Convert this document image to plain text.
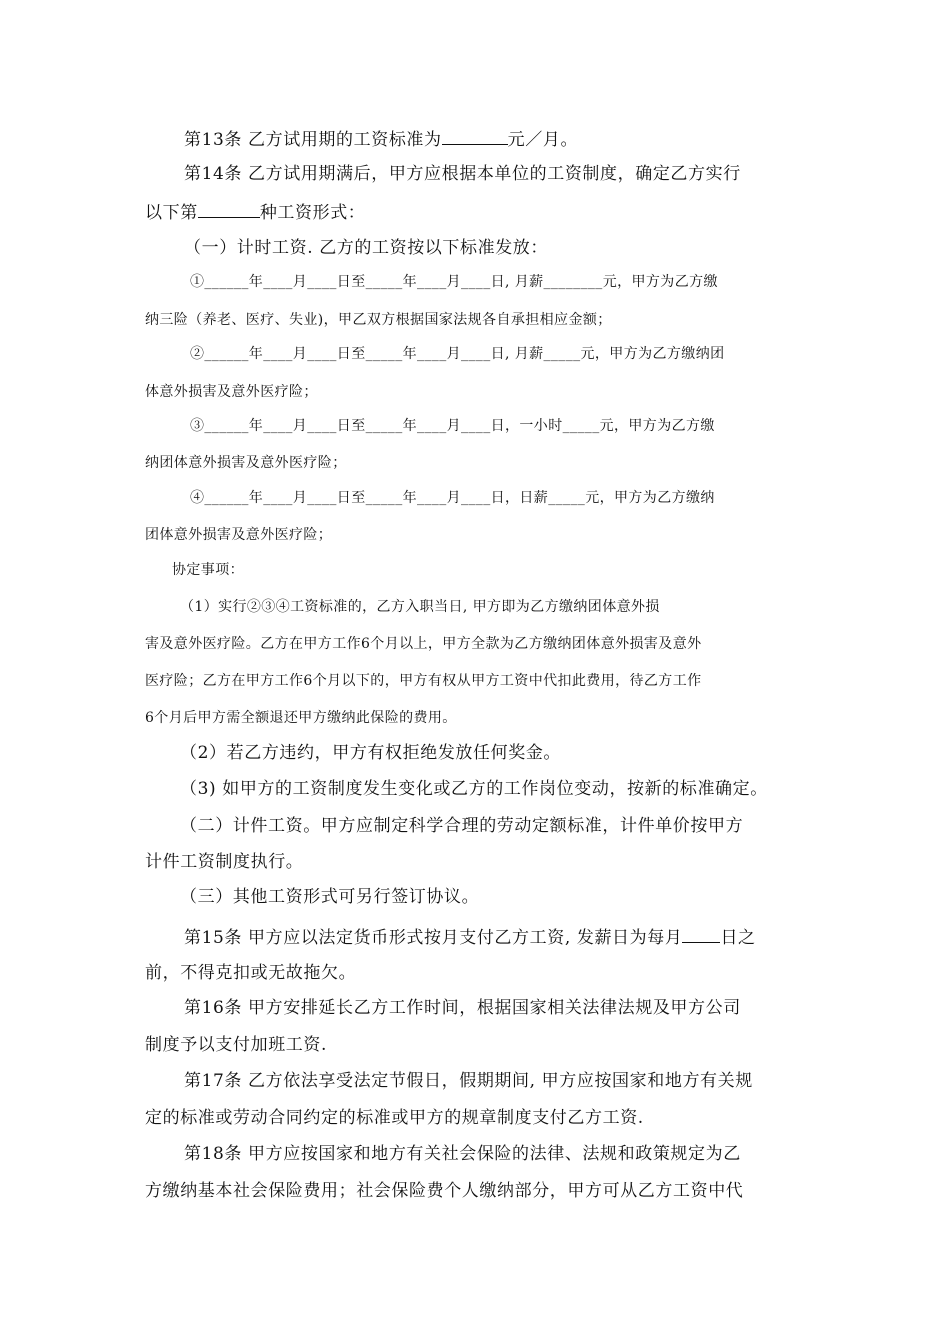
第13条 乙方试用期的工资标准为	元／月。
第14条 乙方试用期满后，甲方应根据本单位的工资制度，确定乙方实行
以下第	种工资形式：
（一）计时工资. 乙方的工资按以下标准发放：
①______年____月____日至_____年____月____日, 月薪________元，甲方为乙方缴
纳三险（养老、医疗、失业)，甲乙双方根据国家法规各自承担相应金额；
②______年____月____日至_____年____月____日, 月薪_____元，甲方为乙方缴纳团
体意外损害及意外医疗险；
③______年____月____日至_____年____月____日，一小时_____元，甲方为乙方缴
纳团体意外损害及意外医疗险；
④______年____月____日至_____年____月____日，日薪_____元，甲方为乙方缴纳
团体意外损害及意外医疗险；
协定事项：
（1）实行②③④工资标准的，乙方入职当日, 甲方即为乙方缴纳团体意外损
害及意外医疗险。乙方在甲方工作6个月以上，甲方全款为乙方缴纳团体意外损害及意外
医疗险；乙方在甲方工作6个月以下的，甲方有权从甲方工资中代扣此费用，待乙方工作
6个月后甲方需全额退还甲方缴纳此保险的费用。
（2）若乙方违约，甲方有权拒绝发放任何奖金。
（3) 如甲方的工资制度发生变化或乙方的工作岗位变动，按新的标准确定。
（二）计件工资。甲方应制定科学合理的劳动定额标准，计件单价按甲方
计件工资制度执行。
（三）其他工资形式可另行签订协议。
第15条 甲方应以法定货币形式按月支付乙方工资, 发薪日为每月 日之
前，不得克扣或无故拖欠。
第16条 甲方安排延长乙方工作时间，根据国家相关法律法规及甲方公司
制度予以支付加班工资.
第17条 乙方依法享受法定节假日，假期期间, 甲方应按国家和地方有关规
定的标准或劳动合同约定的标准或甲方的规章制度支付乙方工资.
第18条 甲方应按国家和地方有关社会保险的法律、法规和政策规定为乙
方缴纳基本社会保险费用；社会保险费个人缴纳部分，甲方可从乙方工资中代
